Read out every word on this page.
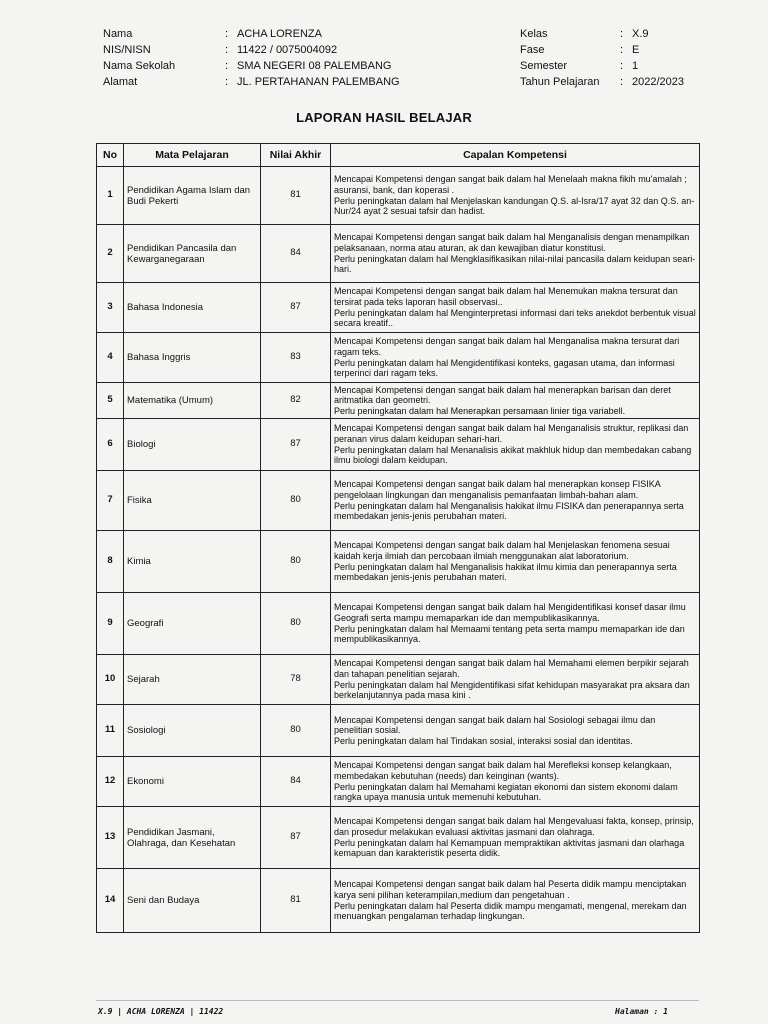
Nama	: ACHA LORENZA
NIS/NISN	: 11422 / 0075004092
Nama Sekolah	: SMA NEGERI 08 PALEMBANG
Alamat	: JL. PERTAHANAN PALEMBANG
Kelas	: X.9
Fase	: E
Semester	: 1
Tahun Pelajaran	: 2022/2023
LAPORAN HASIL BELAJAR
No	Mata Pelajaran	Nilai Akhir	Capalan Kompetensi
1	Pendidikan Agama Islam dan Budi Pekerti	81	Mencapai Kompetensi dengan sangat baik dalam hal Menelaah makna fikih mu'amalah ; asuransi, bank, dan koperasi .
Perlu peningkatan dalam hal Menjelaskan kandungan Q.S. al-Isra/17 ayat 32 dan Q.S. an-Nur/24 ayat 2 sesuai tafsir dan hadist.

2	Pendidikan Pancasila dan Kewarganegaraan	84	Mencapai Kompetensi dengan sangat baik dalam hal Menganalisis dengan menampilkan pelaksanaan, norma atau aturan, ak dan kewajiban diatur konstitusi.
Perlu peningkatan dalam hal Mengklasifikasikan nilai-nilai pancasila dalam keidupan seari-hari.

3	Bahasa Indonesia	87	Mencapai Kompetensi dengan sangat baik dalam hal Menemukan makna tersurat dan tersirat pada teks laporan hasil observasi..
Perlu peningkatan dalam hal Menginterpretasi informasi dari teks anekdot berbentuk visual secara kreatif..

4	Bahasa Inggris	83	Mencapai Kompetensi dengan sangat baik dalam hal Menganalisa makna tersurat dari ragam teks.
Perlu peningkatan dalam hal Mengidentifikasi konteks, gagasan utama, dan informasi terperinci dari ragam teks.

5	Matematika (Umum)	82	Mencapai Kompetensi dengan sangat baik dalam hal menerapkan barisan dan deret aritmatika dan geometri.
Perlu peningkatan dalam hal Menerapkan persamaan linier tiga variabell.

6	Biologi	87	Mencapai Kompetensi dengan sangat baik dalam hal Menganalisis struktur, replikasi dan peranan virus dalam keidupan sehari-hari.
Perlu peningkatan dalam hal Menanalisis akikat makhluk hidup dan membedakan cabang ilmu biologi dalam keidupan.

7	Fisika	80	Mencapai Kompetensi dengan sangat baik dalam hal menerapkan konsep FISIKA pengelolaan lingkungan dan menganalisis pemanfaatan limbah-bahan alam.
Perlu peningkatan dalam hal Menganalisis hakikat ilmu FISIKA dan penerapannya serta membedakan jenis-jenis perubahan materi.

8	Kimia	80	Mencapai Kompetensi dengan sangat baik dalam hal Menjelaskan fenomena sesuai kaidah kerja ilmiah dan percobaan ilmiah menggunakan alat laboratorium.
Perlu peningkatan dalam hal Menganalisis hakikat ilmu kimia dan penerapannya serta membedakan jenis-jenis perubahan materi.

9	Geografi	80	Mencapai Kompetensi dengan sangat baik dalam hal Mengidentifikasi konsef dasar ilmu Geografi serta mampu memaparkan ide dan mempublikasikannya.
Perlu peningkatan dalam hal Memaami tentang peta serta mampu memaparkan ide dan mempublikasikannya.

10	Sejarah	78	Mencapai Kompetensi dengan sangat baik dalam hal Memahami elemen berpikir sejarah dan tahapan penelitian sejarah.
Perlu peningkatan dalam hal Mengidentifikasi sifat kehidupan masyarakat pra aksara dan berkelanjutannya pada masa kini .

11	Sosiologi	80	Mencapai Kompetensi dengan sangat baik dalam hal Sosiologi sebagai ilmu dan penelitian sosial.
Perlu peningkatan dalam hal Tindakan sosial, interaksi sosial dan identitas.

12	Ekonomi	84	Mencapai Kompetensi dengan sangat baik dalam hal Merefleksi konsep kelangkaan, membedakan kebutuhan (needs) dan keinginan (wants).
Perlu peningkatan dalam hal Memahami kegiatan ekonomi dan sistem ekonomi dalam rangka upaya manusia untuk memenuhi kebutuhan.

13	Pendidikan Jasmani, Olahraga, dan Kesehatan	87	Mencapai Kompetensi dengan sangat baik dalam hal Mengevaluasi fakta, konsep, prinsip, dan prosedur melakukan evaluasi aktivitas jasmani dan olahraga.
Perlu peningkatan dalam hal Kemampuan mempraktikan aktivitas jasmani dan olarhaga kemapuan dan karakteristik peserta didik.

14	Seni dan Budaya	81	Mencapai Kompetensi dengan sangat baik dalam hal Peserta didik mampu menciptakan karya seni pilihan keterampilan,medium dan pengetahuan .
Perlu peningkatan dalam hal Peserta didik mampu mengamati, mengenal, merekam dan menuangkan pengalaman terhadap lingkungan.
X.9 | ACHA LORENZA | 11422	Halaman : 1
